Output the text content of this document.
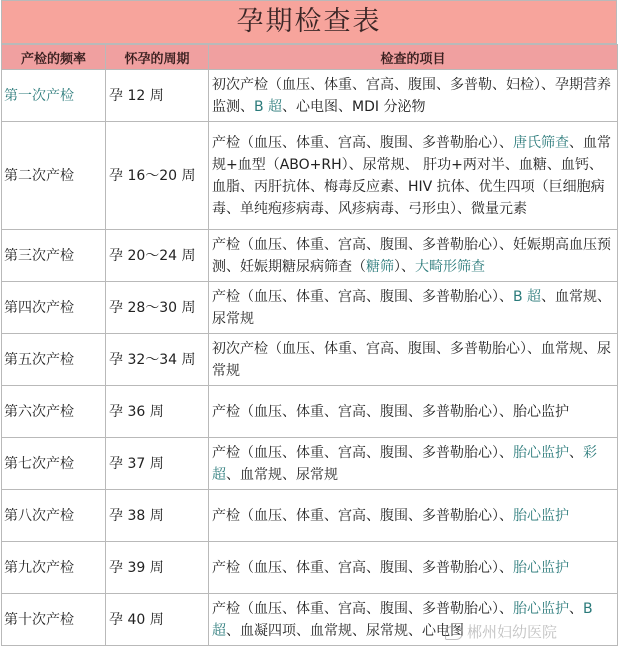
孕期检查表
产检的频率	怀孕的周期	检查的项目
第一次产检	孕 12 周	初次产检（血压、体重、宫高、腹围、多普勒、妇检）、孕期营养监测、B 超、心电图、MDI 分泌物
第二次产检	孕 16～20 周	产检（血压、体重、宫高、腹围、多普勒胎心）、唐氏筛查、血常规+血型（ABO+RH）、尿常规、 肝功+两对半、血糖、血钙、血脂、丙肝抗体、梅毒反应素、HIV 抗体、优生四项（巨细胞病毒、单纯疱疹病毒、风疹病毒、弓形虫）、微量元素
第三次产检	孕 20～24 周	产检（血压、体重、宫高、腹围、多普勒胎心）、妊娠期高血压预测、妊娠期糖尿病筛查（糖筛）、大畸形筛查
第四次产检	孕 28～30 周	产检（血压、体重、宫高、腹围、多普勒胎心）、B 超、血常规、尿常规
第五次产检	孕 32～34 周	初次产检（血压、体重、宫高、腹围、多普勒胎心）、血常规、尿常规
第六次产检	孕 36 周	产检（血压、体重、宫高、腹围、多普勒胎心）、胎心监护
第七次产检	孕 37 周	产检（血压、体重、宫高、腹围、多普勒胎心）、胎心监护、彩超、血常规、尿常规
第八次产检	孕 38 周	产检（血压、体重、宫高、腹围、多普勒胎心）、胎心监护
第九次产检	孕 39 周	产检（血压、体重、宫高、腹围、多普勒胎心）、胎心监护
第十次产检	孕 40 周	产检（血压、体重、宫高、腹围、多普勒胎心）、胎心监护、B 超、血凝四项、血常规、尿常规、心电图 郴州妇幼医院
